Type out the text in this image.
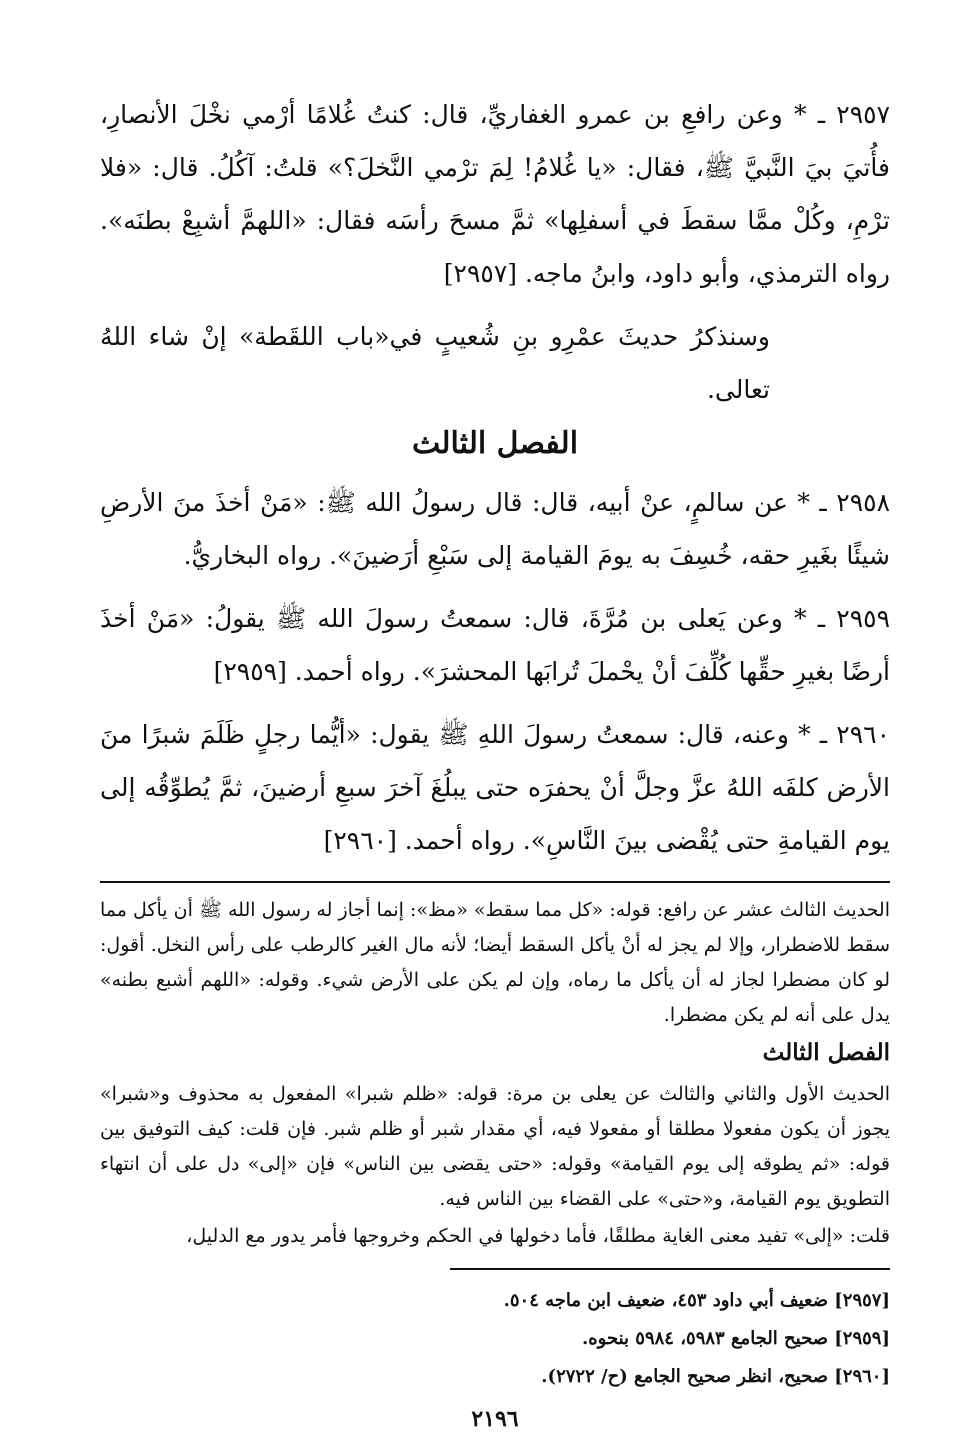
٢٩٥٧ ـ * وعن رافعِ بن عمرو الغفاريِّ، قال: كنتُ غُلامًا أرْمي نخْلَ الأنصارِ، فأُتيَ بيَ النَّبيَّ ﷺ، فقال: «يا غُلامُ! لِمَ ترْمي النَّخلَ؟» قلتُ: آكُلُ. قال: «فلا ترْمِ، وكُلْ ممَّا سقطَ في أسفلِها» ثمَّ مسحَ رأسَه فقال: «اللهمَّ أشبِعْ بطنَه». رواه الترمذي، وأبو داود، وابنُ ماجه. [٢٩٥٧]

وسنذكرُ حديثَ عمْرِو بنِ شُعيبٍ في«باب اللقَطة» إنْ شاء اللهُ تعالى.

الفصل الثالث

٢٩٥٨ ـ * عن سالمٍ، عنْ أبيه، قال: قال رسولُ الله ﷺ: «مَنْ أخذَ منَ الأرضِ شيئًا بغَيرِ حقه، خُسِفَ به يومَ القيامة إلى سَبْعِ أرَضينَ». رواه البخاريُّ.

٢٩٥٩ ـ * وعن يَعلى بن مُرَّةَ، قال: سمعتُ رسولَ الله ﷺ يقولُ: «مَنْ أخذَ أرضًا بغيرِ حقِّها كُلِّفَ أنْ يحْملَ تُرابَها المحشرَ». رواه أحمد. [٢٩٥٩]

٢٩٦٠ ـ * وعنه، قال: سمعتُ رسولَ اللهِ ﷺ يقول: «أيُّما رجلٍ ظَلَمَ شبرًا منَ الأرض كلفَه اللهُ عزَّ وجلَّ أنْ يحفرَه حتى يبلُغَ آخرَ سبعِ أرضينَ، ثمَّ يُطوِّقُه إلى يوم القيامةِ حتى يُقْضى بينَ النَّاسِ». رواه أحمد. [٢٩٦٠]

الحديث الثالث عشر عن رافع: قوله: «كل مما سقط» «مظ»: إنما أجاز له رسول الله ﷺ أن يأكل مما سقط للاضطرار، وإلا لم يجز له أنْ يأكل السقط أيضا؛ لأنه مال الغير كالرطب على رأس النخل. أقول: لو كان مضطرا لجاز له أن يأكل ما رماه، وإن لم يكن على الأرض شيء. وقوله: «اللهم أشبع بطنه» يدل على أنه لم يكن مضطرا.

الفصل الثالث

الحديث الأول والثاني والثالث عن يعلى بن مرة: قوله: «ظلم شبرا» المفعول به محذوف و«شبرا» يجوز أن يكون مفعولا مطلقا أو مفعولا فيه، أي مقدار شبر أو ظلم شبر. فإن قلت: كيف التوفيق بين قوله: «ثم يطوقه إلى يوم القيامة» وقوله: «حتى يقضى بين الناس» فإن «إلى» دل على أن انتهاء التطويق يوم القيامة، و«حتى» على القضاء بين الناس فيه.

قلت: «إلى» تفيد معنى الغاية مطلقًا، فأما دخولها في الحكم وخروجها فأمر يدور مع الدليل،

[٢٩٥٧] ضعيف أبي داود ٤٥٣، ضعيف ابن ماجه ٥٠٤.

[٢٩٥٩] صحيح الجامع ٥٩٨٣، ٥٩٨٤ بنحوه.

[٢٩٦٠] صحيح، انظر صحيح الجامع (ح/ ٢٧٢٢).

٢١٩٦
